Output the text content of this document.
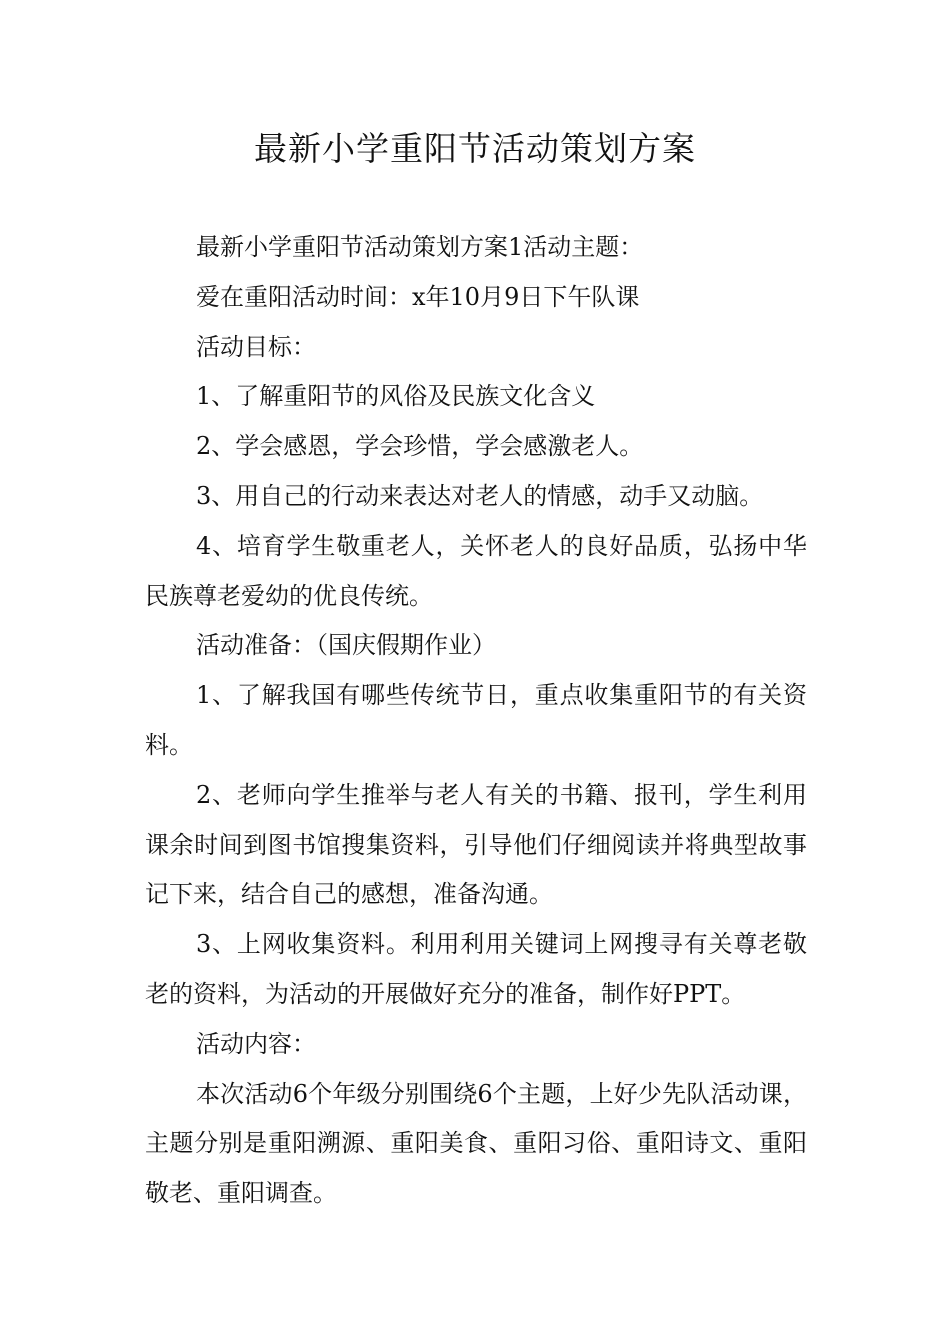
最新小学重阳节活动策划方案

最新小学重阳节活动策划方案1活动主题：

爱在重阳活动时间：x年10月9日下午队课

活动目标：

1、了解重阳节的风俗及民族文化含义

2、学会感恩，学会珍惜，学会感激老人。

3、用自己的行动来表达对老人的情感，动手又动脑。

4、培育学生敬重老人，关怀老人的良好品质，弘扬中华民族尊老爱幼的优良传统。

活动准备：（国庆假期作业）

1、了解我国有哪些传统节日，重点收集重阳节的有关资料。

2、老师向学生推举与老人有关的书籍、报刊，学生利用课余时间到图书馆搜集资料，引导他们仔细阅读并将典型故事记下来，结合自己的感想，准备沟通。

3、上网收集资料。利用利用关键词上网搜寻有关尊老敬老的资料，为活动的开展做好充分的准备，制作好PPT。

活动内容：

本次活动6个年级分别围绕6个主题，上好少先队活动课，主题分别是重阳溯源、重阳美食、重阳习俗、重阳诗文、重阳敬老、重阳调查。
